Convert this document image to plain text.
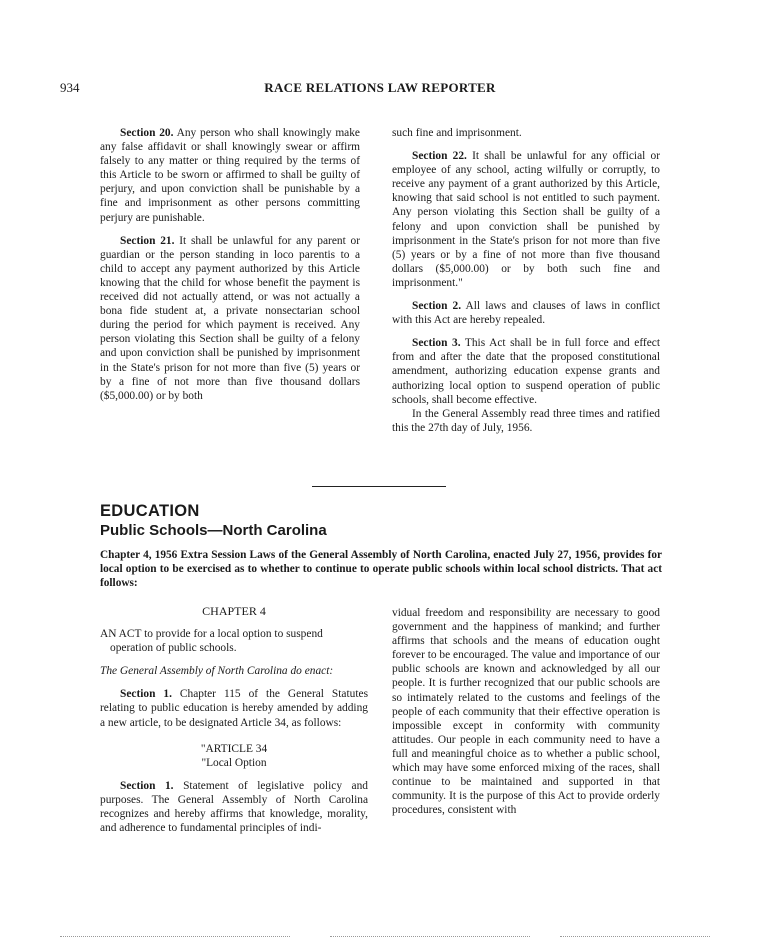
934	RACE RELATIONS LAW REPORTER

Section 20. Any person who shall knowingly make any false affidavit or shall knowingly swear or affirm falsely to any matter or thing required by the terms of this Article to be sworn or affirmed to shall be guilty of perjury, and upon conviction shall be punishable by a fine and imprisonment as other persons committing perjury are punishable.

Section 21. It shall be unlawful for any parent or guardian or the person standing in loco parentis to a child to accept any payment authorized by this Article knowing that the child for whose benefit the payment is received did not actually attend, or was not actually a bona fide student at, a private nonsectarian school during the period for which payment is received. Any person violating this Section shall be guilty of a felony and upon conviction shall be punished by imprisonment in the State's prison for not more than five (5) years or by a fine of not more than five thousand dollars ($5,000.00) or by both

such fine and imprisonment.

Section 22. It shall be unlawful for any official or employee of any school, acting wilfully or corruptly, to receive any payment of a grant authorized by this Article, knowing that said school is not entitled to such payment. Any person violating this Section shall be guilty of a felony and upon conviction shall be punished by imprisonment in the State's prison for not more than five (5) years or by a fine of not more than five thousand dollars ($5,000.00) or by both such fine and imprisonment."

Section 2. All laws and clauses of laws in conflict with this Act are hereby repealed.

Section 3. This Act shall be in full force and effect from and after the date that the proposed constitutional amendment, authorizing education expense grants and authorizing local option to suspend operation of public schools, shall become effective.

In the General Assembly read three times and ratified this the 27th day of July, 1956.

EDUCATION
Public Schools—North Carolina
Chapter 4, 1956 Extra Session Laws of the General Assembly of North Carolina, enacted July 27, 1956, provides for local option to be exercised as to whether to continue to operate public schools within local school districts. That act follows:

CHAPTER 4

AN ACT to provide for a local option to suspend operation of public schools.

The General Assembly of North Carolina do enact:

Section 1. Chapter 115 of the General Statutes relating to public education is hereby amended by adding a new article, to be designated Article 34, as follows:

"ARTICLE 34

"Local Option

Section 1. Statement of legislative policy and purposes. The General Assembly of North Carolina recognizes and hereby affirms that knowledge, morality, and adherence to fundamental principles of indi-

vidual freedom and responsibility are necessary to good government and the happiness of mankind; and further affirms that schools and the means of education ought forever to be encouraged. The value and importance of our public schools are known and acknowledged by all our people. It is further recognized that our public schools are so intimately related to the customs and feelings of the people of each community that their effective operation is impossible except in conformity with community attitudes. Our people in each community need to have a full and meaningful choice as to whether a public school, which may have some enforced mixing of the races, shall continue to be maintained and supported in that community. It is the purpose of this Act to provide orderly procedures, consistent with
